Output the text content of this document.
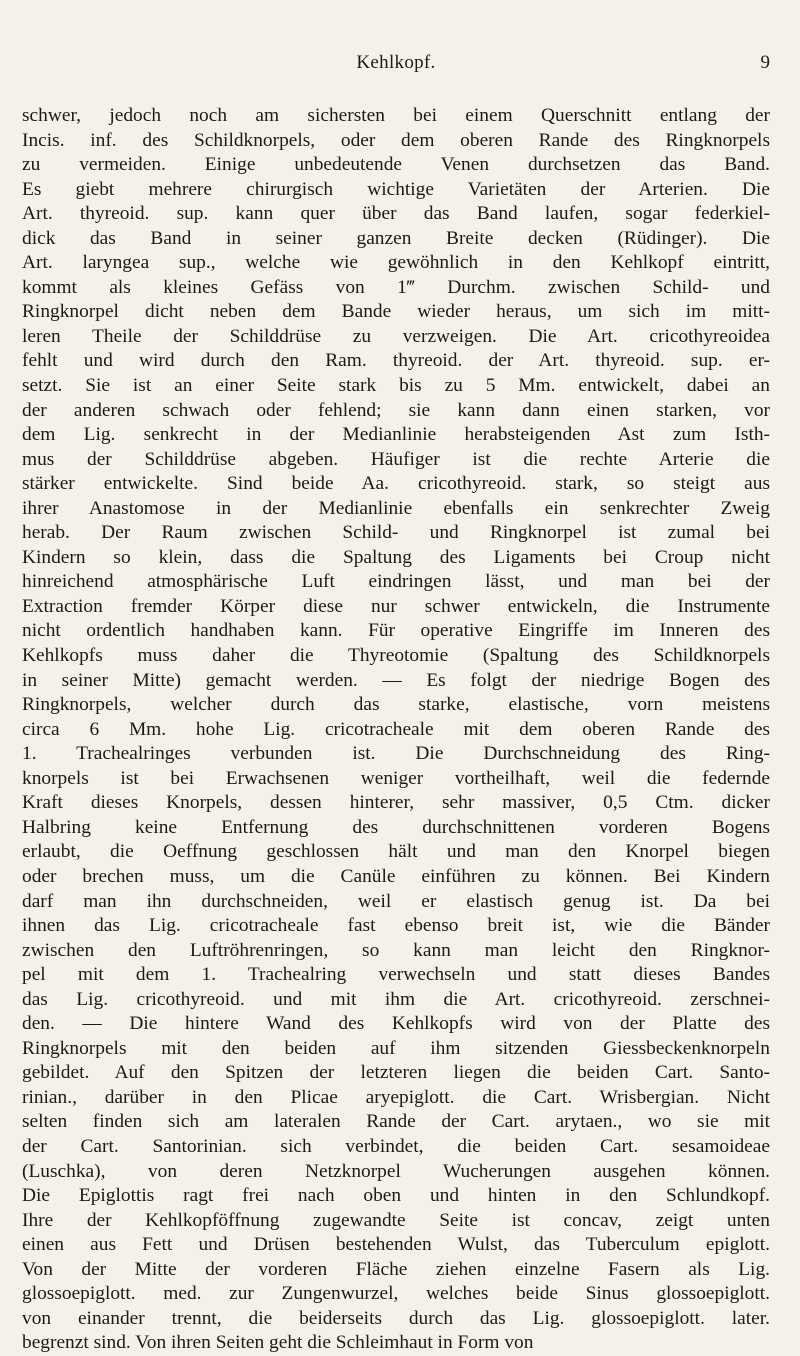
Kehlkopf.	9
schwer, jedoch noch am sichersten bei einem Querschnitt entlang der
Incis. inf. des Schildknorpels, oder dem oberen Rande des Ringknorpels
zu vermeiden. Einige unbedeutende Venen durchsetzen das Band.
Es giebt mehrere chirurgisch wichtige Varietäten der Arterien. Die
Art. thyreoid. sup. kann quer über das Band laufen, sogar federkiel-
dick das Band in seiner ganzen Breite decken (Rüdinger). Die
Art. laryngea sup., welche wie gewöhnlich in den Kehlkopf eintritt,
kommt als kleines Gefäss von 1‴ Durchm. zwischen Schild- und
Ringknorpel dicht neben dem Bande wieder heraus, um sich im mitt-
leren Theile der Schilddrüse zu verzweigen. Die Art. cricothyreoidea
fehlt und wird durch den Ram. thyreoid. der Art. thyreoid. sup. er-
setzt. Sie ist an einer Seite stark bis zu 5 Mm. entwickelt, dabei an
der anderen schwach oder fehlend; sie kann dann einen starken, vor
dem Lig. senkrecht in der Medianlinie herabsteigenden Ast zum Isth-
mus der Schilddrüse abgeben. Häufiger ist die rechte Arterie die
stärker entwickelte. Sind beide Aa. cricothyreoid. stark, so steigt aus
ihrer Anastomose in der Medianlinie ebenfalls ein senkrechter Zweig
herab. Der Raum zwischen Schild- und Ringknorpel ist zumal bei
Kindern so klein, dass die Spaltung des Ligaments bei Croup nicht
hinreichend atmosphärische Luft eindringen lässt, und man bei der
Extraction fremder Körper diese nur schwer entwickeln, die Instrumente
nicht ordentlich handhaben kann. Für operative Eingriffe im Inneren des
Kehlkopfs muss daher die Thyreotomie (Spaltung des Schildknorpels
in seiner Mitte) gemacht werden. — Es folgt der niedrige Bogen des
Ringknorpels, welcher durch das starke, elastische, vorn meistens
circa 6 Mm. hohe Lig. cricotracheale mit dem oberen Rande des
1. Trachealringes verbunden ist. Die Durchschneidung des Ring-
knorpels ist bei Erwachsenen weniger vortheilhaft, weil die federnde
Kraft dieses Knorpels, dessen hinterer, sehr massiver, 0,5 Ctm. dicker
Halbring keine Entfernung des durchschnittenen vorderen Bogens
erlaubt, die Oeffnung geschlossen hält und man den Knorpel biegen
oder brechen muss, um die Canüle einführen zu können. Bei Kindern
darf man ihn durchschneiden, weil er elastisch genug ist. Da bei
ihnen das Lig. cricotracheale fast ebenso breit ist, wie die Bänder
zwischen den Luftröhrenringen, so kann man leicht den Ringknor-
pel mit dem 1. Trachealring verwechseln und statt dieses Bandes
das Lig. cricothyreoid. und mit ihm die Art. cricothyreoid. zerschnei-
den. — Die hintere Wand des Kehlkopfs wird von der Platte des
Ringknorpels mit den beiden auf ihm sitzenden Giessbeckenknorpeln
gebildet. Auf den Spitzen der letzteren liegen die beiden Cart. Santo-
rinian., darüber in den Plicae aryepiglott. die Cart. Wrisbergian. Nicht
selten finden sich am lateralen Rande der Cart. arytaen., wo sie mit
der Cart. Santorinian. sich verbindet, die beiden Cart. sesamoideae
(Luschka), von deren Netzknorpel Wucherungen ausgehen können.
Die Epiglottis ragt frei nach oben und hinten in den Schlundkopf.
Ihre der Kehlkopföffnung zugewandte Seite ist concav, zeigt unten
einen aus Fett und Drüsen bestehenden Wulst, das Tuberculum epiglott.
Von der Mitte der vorderen Fläche ziehen einzelne Fasern als Lig.
glossoepiglott. med. zur Zungenwurzel, welches beide Sinus glossoepiglott.
von einander trennt, die beiderseits durch das Lig. glossoepiglott. later.
begrenzt sind. Von ihren Seiten geht die Schleimhaut in Form von
